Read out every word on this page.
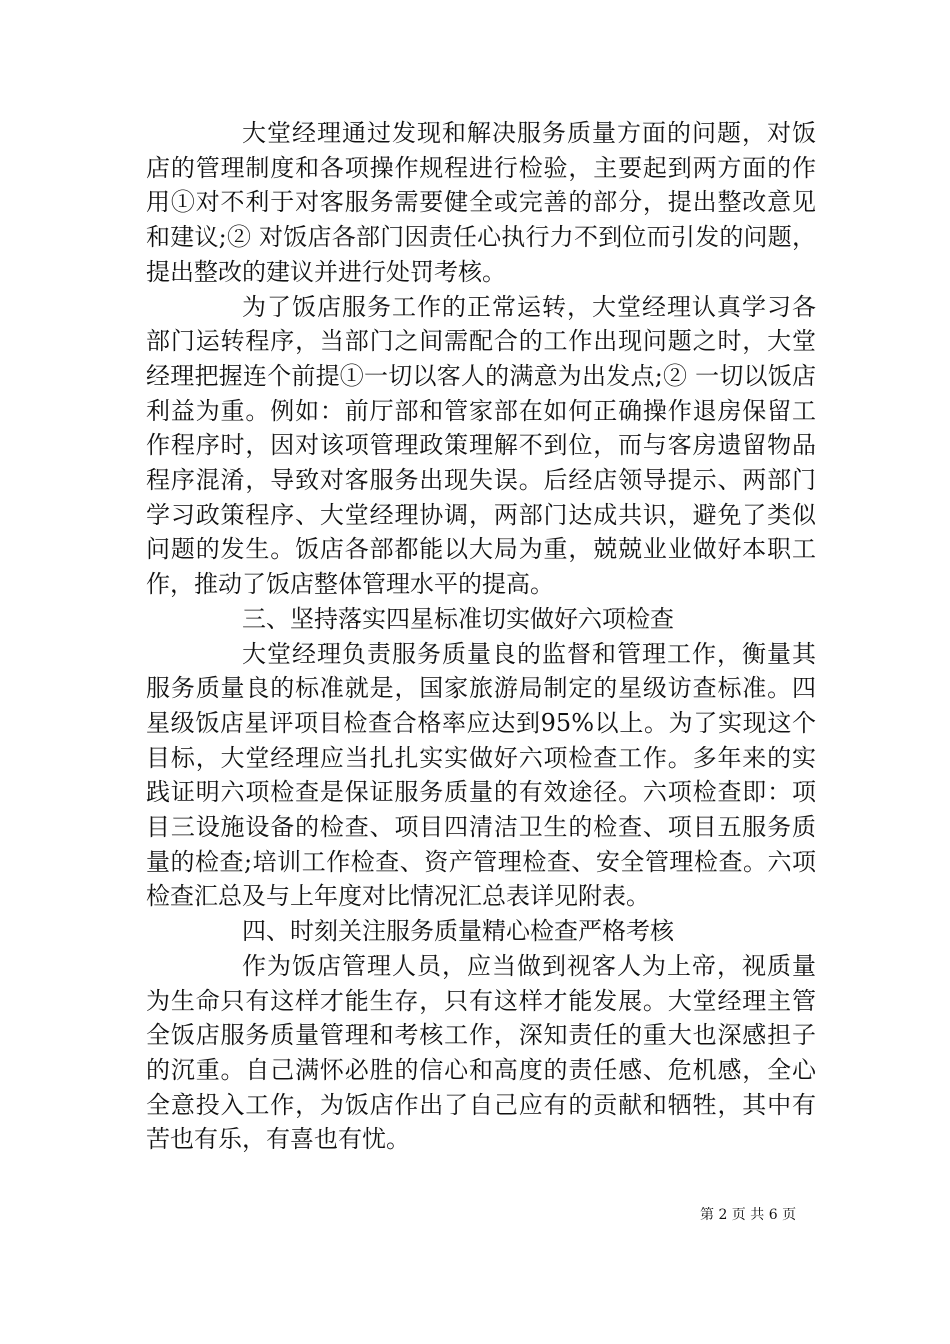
大堂经理通过发现和解决服务质量方面的问题，对饭店的管理制度和各项操作规程进行检验，主要起到两方面的作用①对不利于对客服务需要健全或完善的部分，提出整改意见和建议;② 对饭店各部门因责任心执行力不到位而引发的问题，提出整改的建议并进行处罚考核。

为了饭店服务工作的正常运转，大堂经理认真学习各部门运转程序，当部门之间需配合的工作出现问题之时，大堂经理把握连个前提①一切以客人的满意为出发点;② 一切以饭店利益为重。例如：前厅部和管家部在如何正确操作退房保留工作程序时，因对该项管理政策理解不到位，而与客房遗留物品程序混淆，导致对客服务出现失误。后经店领导提示、两部门学习政策程序、大堂经理协调，两部门达成共识，避免了类似问题的发生。饭店各部都能以大局为重，兢兢业业做好本职工作，推动了饭店整体管理水平的提高。

三、坚持落实四星标准切实做好六项检查

大堂经理负责服务质量良的监督和管理工作，衡量其服务质量良的标准就是，国家旅游局制定的星级访查标准。四星级饭店星评项目检查合格率应达到95%以上。为了实现这个目标，大堂经理应当扎扎实实做好六项检查工作。多年来的实践证明六项检查是保证服务质量的有效途径。六项检查即：项目三设施设备的检查、项目四清洁卫生的检查、项目五服务质量的检查;培训工作检查、资产管理检查、安全管理检查。六项检查汇总及与上年度对比情况汇总表详见附表。

四、时刻关注服务质量精心检查严格考核

作为饭店管理人员，应当做到视客人为上帝，视质量为生命只有这样才能生存，只有这样才能发展。大堂经理主管全饭店服务质量管理和考核工作，深知责任的重大也深感担子的沉重。自己满怀必胜的信心和高度的责任感、危机感，全心全意投入工作，为饭店作出了自己应有的贡献和牺牲，其中有苦也有乐，有喜也有忧。

第 2 页 共 6 页
